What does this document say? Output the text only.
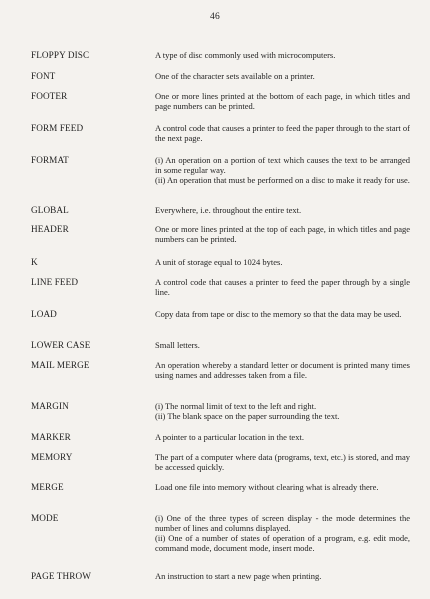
46
FLOPPY DISC	A type of disc commonly used with microcomputers.
FONT	One of the character sets available on a printer.
FOOTER	One or more lines printed at the bottom of each page, in which titles and page numbers can be printed.
FORM FEED	A control code that causes a printer to feed the paper through to the start of the next page.
FORMAT	(i) An operation on a portion of text which causes the text to be arranged in some regular way.
(ii) An operation that must be performed on a disc to make it ready for use.
GLOBAL	Everywhere, i.e. throughout the entire text.
HEADER	One or more lines printed at the top of each page, in which titles and page numbers can be printed.
K	A unit of storage equal to 1024 bytes.
LINE FEED	A control code that causes a printer to feed the paper through by a single line.
LOAD	Copy data from tape or disc to the memory so that the data may be used.
LOWER CASE	Small letters.
MAIL MERGE	An operation whereby a standard letter or document is printed many times using names and addresses taken from a file.
MARGIN	(i) The normal limit of text to the left and right.
(ii) The blank space on the paper surrounding the text.
MARKER	A pointer to a particular location in the text.
MEMORY	The part of a computer where data (programs, text, etc.) is stored, and may be accessed quickly.
MERGE	Load one file into memory without clearing what is already there.
MODE	(i) One of the three types of screen display - the mode determines the number of lines and columns displayed.
(ii) One of a number of states of operation of a program, e.g. edit mode, command mode, document mode, insert mode.
PAGE THROW	An instruction to start a new page when printing.
